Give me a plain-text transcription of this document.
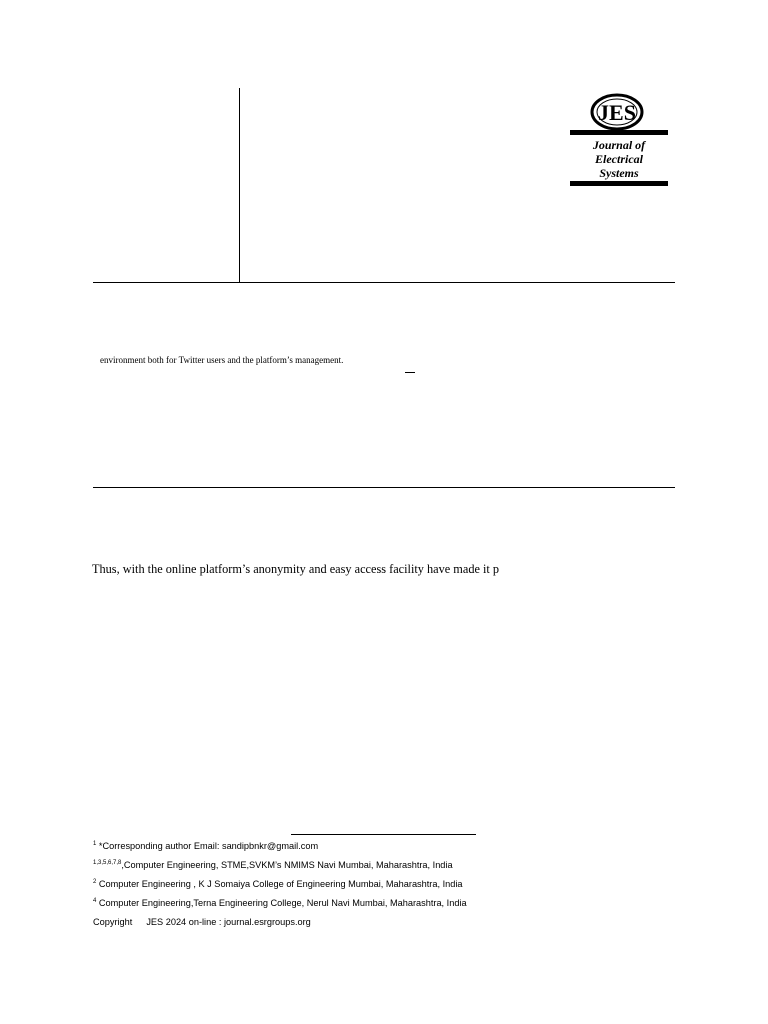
JES
Journal of
Electrical
Systems
environment both for Twitter users and the platform’s management.
Thus, with the online platform’s anonymity and easy access facility have made it p
$^1$ *Corresponding author Email: sandipbnkr@gmail.com
$^{1,3,5,6,7,8}$,Computer Engineering, STME,SVKM’s NMIMS Navi Mumbai, Maharashtra, India
$^2$ Computer Engineering , K J Somaiya College of Engineering Mumbai, Maharashtra, India
$^4$ Computer Engineering,Terna Engineering College, Nerul Navi Mumbai, Maharashtra, India
Copyright JES 2024 on-line : journal.esrgroups.org
